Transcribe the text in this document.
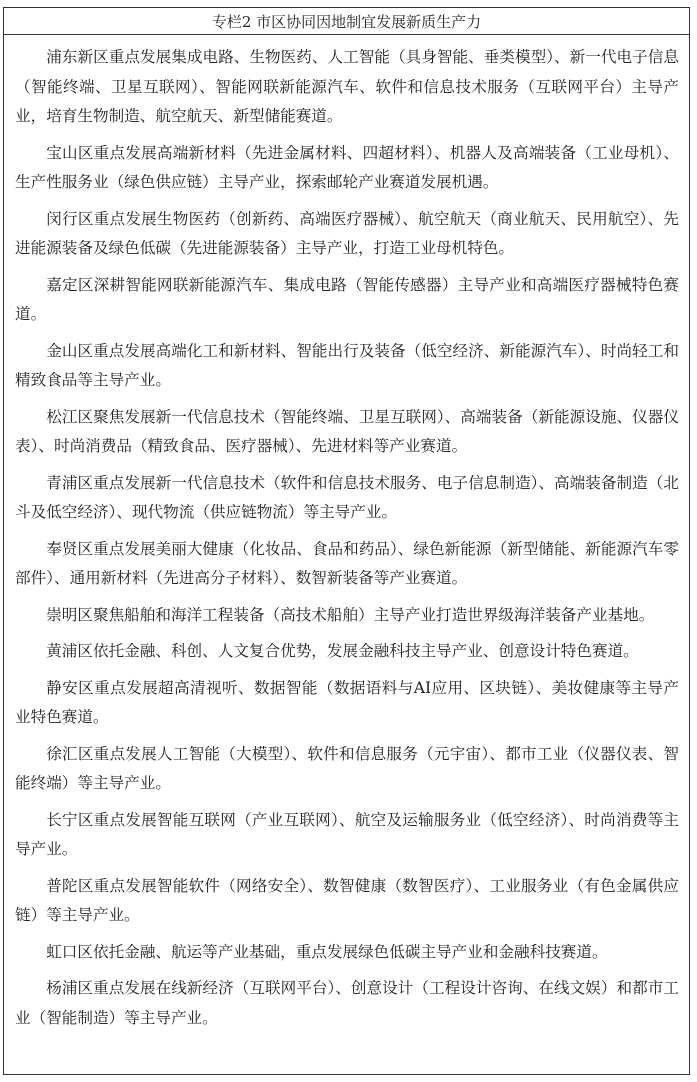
专栏2 市区协同因地制宜发展新质生产力

浦东新区重点发展集成电路、生物医药、人工智能（具身智能、垂类模型）、新一代电子信息（智能终端、卫星互联网）、智能网联新能源汽车、软件和信息技术服务（互联网平台）主导产业，培育生物制造、航空航天、新型储能赛道。

宝山区重点发展高端新材料（先进金属材料、四超材料）、机器人及高端装备（工业母机）、生产性服务业（绿色供应链）主导产业，探索邮轮产业赛道发展机遇。

闵行区重点发展生物医药（创新药、高端医疗器械）、航空航天（商业航天、民用航空）、先进能源装备及绿色低碳（先进能源装备）主导产业，打造工业母机特色。

嘉定区深耕智能网联新能源汽车、集成电路（智能传感器）主导产业和高端医疗器械特色赛道。

金山区重点发展高端化工和新材料、智能出行及装备（低空经济、新能源汽车）、时尚轻工和精致食品等主导产业。

松江区聚焦发展新一代信息技术（智能终端、卫星互联网）、高端装备（新能源设施、仪器仪表）、时尚消费品（精致食品、医疗器械）、先进材料等产业赛道。

青浦区重点发展新一代信息技术（软件和信息技术服务、电子信息制造）、高端装备制造（北斗及低空经济）、现代物流（供应链物流）等主导产业。

奉贤区重点发展美丽大健康（化妆品、食品和药品）、绿色新能源（新型储能、新能源汽车零部件）、通用新材料（先进高分子材料）、数智新装备等产业赛道。

崇明区聚焦船舶和海洋工程装备（高技术船舶）主导产业打造世界级海洋装备产业基地。

黄浦区依托金融、科创、人文复合优势，发展金融科技主导产业、创意设计特色赛道。

静安区重点发展超高清视听、数据智能（数据语料与AI应用、区块链）、美妆健康等主导产业特色赛道。

徐汇区重点发展人工智能（大模型）、软件和信息服务（元宇宙）、都市工业（仪器仪表、智能终端）等主导产业。

长宁区重点发展智能互联网（产业互联网）、航空及运输服务业（低空经济）、时尚消费等主导产业。

普陀区重点发展智能软件（网络安全）、数智健康（数智医疗）、工业服务业（有色金属供应链）等主导产业。

虹口区依托金融、航运等产业基础，重点发展绿色低碳主导产业和金融科技赛道。

杨浦区重点发展在线新经济（互联网平台）、创意设计（工程设计咨询、在线文娱）和都市工业（智能制造）等主导产业。
